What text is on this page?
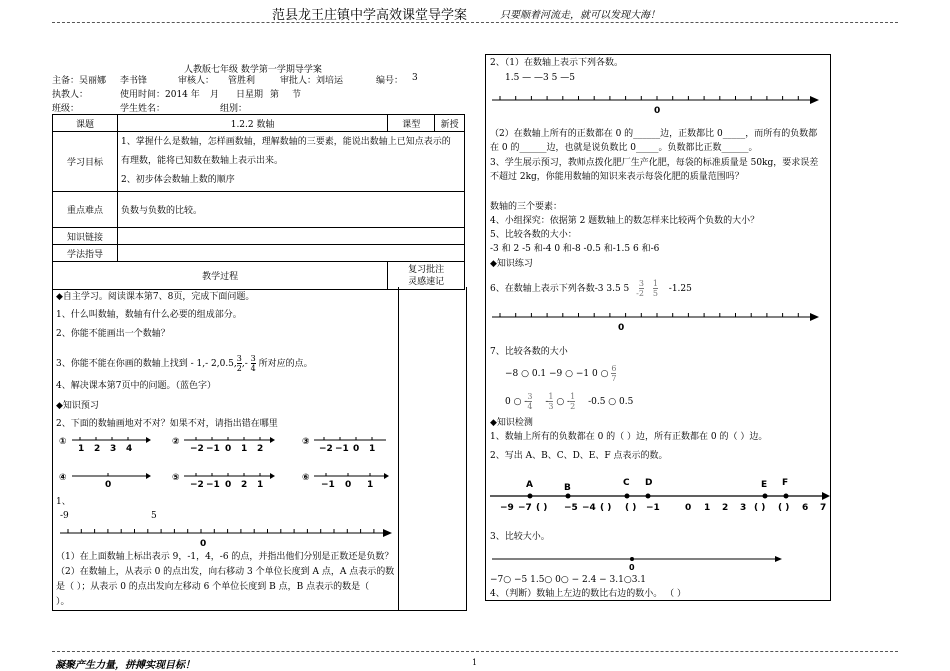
范县龙王庄镇中学高效课堂导学案	只要顺着河流走，就可以发现大海！
人教版七年级 数学第一学期导学案
主备：吴丽娜 李书锋	审核人： 管胜利	审批人：刘培运	编号： 3
执教人：	使用时间：2014 年 月 日星期 第 节
班级：	学生姓名：	组别：
课题	1.2.2 数轴	课型	新授
学习目标	1、掌握什么是数轴，怎样画数轴，理解数轴的三要素，能说出数轴上已知点表示的
有理数，能将已知数在数轴上表示出来。
2、初步体会数轴上数的顺序		

重点难点	负数与负数的比较。		
知识链接			
学法指导			
教学过程		复习批注
灵感速记	
◆自主学习。阅读课本第7、8页，完成下面问题。
1、什么叫数轴，数轴有什么必要的组成部分。
2、你能不能画出一个数轴？
3、你能不能在你画的数轴上找到 - 1,- 2,0.5, $\frac{3}{2}$ ,- $\frac{3}{4}$ 所对应的点。
4、解决课本第7页中的问题。（蓝色字）
◆知识预习
2、下面的数轴画地对不对？如果不对，请指出错在哪里
①
1 2 3 4
②
−2 −1 0 1 2
③
−2 −1 0 1
④
0
⑤
−2 −1 0 2 1
⑥
−1 0 1
1、
-9	5
0
（1）在上面数轴上标出表示 9，-1，4，-6 的点，并指出他们分别是正数还是负数？
（2）在数轴上，从表示 0 的点出发，向右移动 3 个单位长度到 A 点，A 点表示的数
是（ ）；从表示 0 的点出发向左移动 6 个单位长度到 B 点，B 点表示的数是（
）。
2、（1）在数轴上表示下列各数。
1.5 — —3 5 —5
0
（2）在数轴上所有的正数都在 0 的______边，正数都比 0_____，而所有的负数都
在 0 的______边，也就是说负数比 0_____。负数都比正数______。
3、学生展示预习，教师点拨化肥厂生产化肥，每袋的标准质量是 50kg，要求误差
不超过 2kg，你能用数轴的知识来表示每袋化肥的质量范围吗？
数轴的三个要素：
4、小组探究：依据第 2 题数轴上的数怎样来比较两个负数的大小？
5、比较各数的大小：
-3 和 2 -5 和-4 0 和-8 -0.5 和-1.5 6 和-6
◆知识练习
6、在数轴上表示下列各数-3 3.5 $5 - \frac{3}{2}$
$\frac{1}{5} -1.25$
0
7、比较各数的大小
−8 ○ 0.1 −9 ○ −1 0 ○ $\frac{6}{7}$
0 ○ - $\frac{3}{4} - \frac{1}{3}$ ○ - $\frac{1}{2} -0.5$ ○ 0.5
◆知识检测
1、数轴上所有的负数都在 0 的（ ）边，所有正数都在 0 的（ ）边。
2、写出 A、B、C、D、E、F 点表示的数。
A	B	C D	E F
−9 −7 ( ) −5 −4 ( ) ( ) −1	0 1 2 3 ( ) ( ) 6 7
3、比较大小。
0
−7○ −5 1.5○ 0○ − 2.4 − 3.1○3.1
4、（判断）数轴上左边的数比右边的数小。 （ ）
凝聚产生力量，拼搏实现目标！	1
